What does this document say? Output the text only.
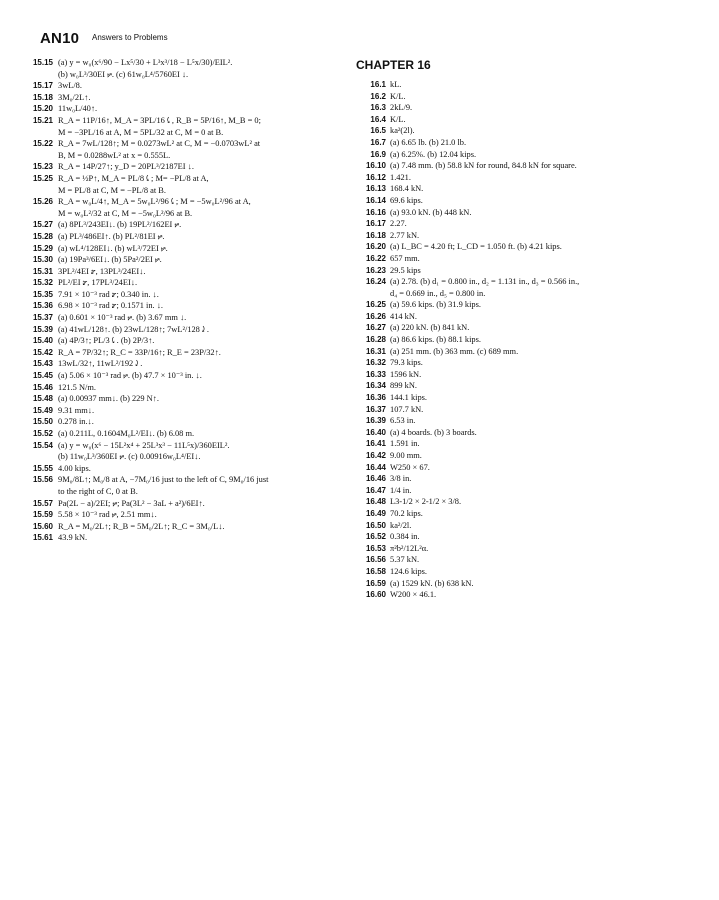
AN10 Answers to Problems
15.15 (a) y = w₀(x⁶/90 − Lx⁵/30 + L³x³/18 − L⁵x/30)/EIL².
(b) w₀L³/30EI ⦬. (c) 61w₀L⁴/5760EI ↓.
15.17 3wL/8.
15.18 3M₀/2L↑.
15.20 11w₀L/40↑.
15.21 R_A = 11P/16↑, M_A = 3PL/16⤹, R_B = 5P/16↑, M_B = 0;
M = −3PL/16 at A, M = 5PL/32 at C, M = 0 at B.
15.22 R_A = 7wL/128↑; M = 0.0273wL² at C, M = −0.0703wL² at
B, M = 0.0288wL² at x = 0.555L.
15.23 R_A = 14P/27↑; y_D = 20PL³/2187EI ↓.
15.25 R_A = ½P↑, M_A = PL/8⤹; M= −PL/8 at A,
M = PL/8 at C, M = −PL/8 at B.
15.26 R_A = w₀L/4↑, M_A = 5w₀L²/96⤹; M = −5w₀L²/96 at A,
M = w₀L²/32 at C, M = −5w₀L²/96 at B.
15.27 (a) 8PL³/243EI↓. (b) 19PL²/162EI ⦬.
15.28 (a) PL³/486EI↑. (b) PL²/81EI ⦬.
15.29 (a) wL⁴/128EI↓. (b) wL³/72EI ⦬.
15.30 (a) 19Pa³/6EI↓. (b) 5Pa²/2EI ⦬.
15.31 3PL²/4EI ⦫, 13PL³/24EI↓.
15.32 PL²/EI ⦫, 17PL³/24EI↓.
15.35 7.91 × 10⁻³ rad ⦫; 0.340 in. ↓.
15.36 6.98 × 10⁻³ rad ⦫; 0.1571 in. ↓.
15.37 (a) 0.601 × 10⁻³ rad ⦬. (b) 3.67 mm ↓.
15.39 (a) 41wL/128↑. (b) 23wL/128↑; 7wL²/128⤸.
15.40 (a) 4P/3↑; PL/3⤹. (b) 2P/3↑.
15.42 R_A = 7P/32↑; R_C = 33P/16↑; R_E = 23P/32↑.
15.43 13wL/32↑, 11wL²/192⤸.
15.45 (a) 5.06 × 10⁻³ rad ⦬. (b) 47.7 × 10⁻³ in. ↓.
15.46 121.5 N/m.
15.48 (a) 0.00937 mm↓. (b) 229 N↑.
15.49 9.31 mm↓.
15.50 0.278 in.↓.
15.52 (a) 0.211L, 0.1604M₀L²/EI↓. (b) 6.08 m.
15.54 (a) y = w₀(x⁶ − 15L²x⁴ + 25L³x³ − 11L⁵x)/360EIL².
(b) 11w₀L³/360EI ⦬. (c) 0.00916w₀L⁴/EI↓.
15.55 4.00 kips.
15.56 9M₀/8L↑; M₀/8 at A, −7M₀/16 just to the left of C, 9M₀/16 just
to the right of C, 0 at B.
15.57 Pa(2L − a)/2EI; ⦬; Pa(3L² − 3aL + a²)/6EI↑.
15.59 5.58 × 10⁻³ rad ⦬, 2.51 mm↓.
15.60 R_A = M₀/2L↑; R_B = 5M₀/2L↑; R_C = 3M₀/L↓.
15.61 43.9 kN.
CHAPTER 16
16.1 kL.
16.2 K/L.
16.3 2kL/9.
16.4 K/L.
16.5 ka²(2l).
16.7 (a) 6.65 lb. (b) 21.0 lb.
16.9 (a) 6.25%. (b) 12.04 kips.
16.10 (a) 7.48 mm. (b) 58.8 kN for round, 84.8 kN for square.
16.12 1.421.
16.13 168.4 kN.
16.14 69.6 kips.
16.16 (a) 93.0 kN. (b) 448 kN.
16.17 2.27.
16.18 2.77 kN.
16.20 (a) L_BC = 4.20 ft; L_CD = 1.050 ft. (b) 4.21 kips.
16.22 657 mm.
16.23 29.5 kips
16.24 (a) 2.78. (b) d₁ = 0.800 in., d₂ = 1.131 in., d₃ = 0.566 in.,
d₄ = 0.669 in., d₅ = 0.800 in.
16.25 (a) 59.6 kips. (b) 31.9 kips.
16.26 414 kN.
16.27 (a) 220 kN. (b) 841 kN.
16.28 (a) 86.6 kips. (b) 88.1 kips.
16.31 (a) 251 mm. (b) 363 mm. (c) 689 mm.
16.32 79.3 kips.
16.33 1596 kN.
16.34 899 kN.
16.36 144.1 kips.
16.37 107.7 kN.
16.39 6.53 in.
16.40 (a) 4 boards. (b) 3 boards.
16.41 1.591 in.
16.42 9.00 mm.
16.44 W250 × 67.
16.46 3/8 in.
16.47 1/4 in.
16.48 L3-1/2 × 2-1/2 × 3/8.
16.49 70.2 kips.
16.50 ka²/2l.
16.52 0.384 in.
16.53 π²b²/12L²α.
16.56 5.37 kN.
16.58 124.6 kips.
16.59 (a) 1529 kN. (b) 638 kN.
16.60 W200 × 46.1.
